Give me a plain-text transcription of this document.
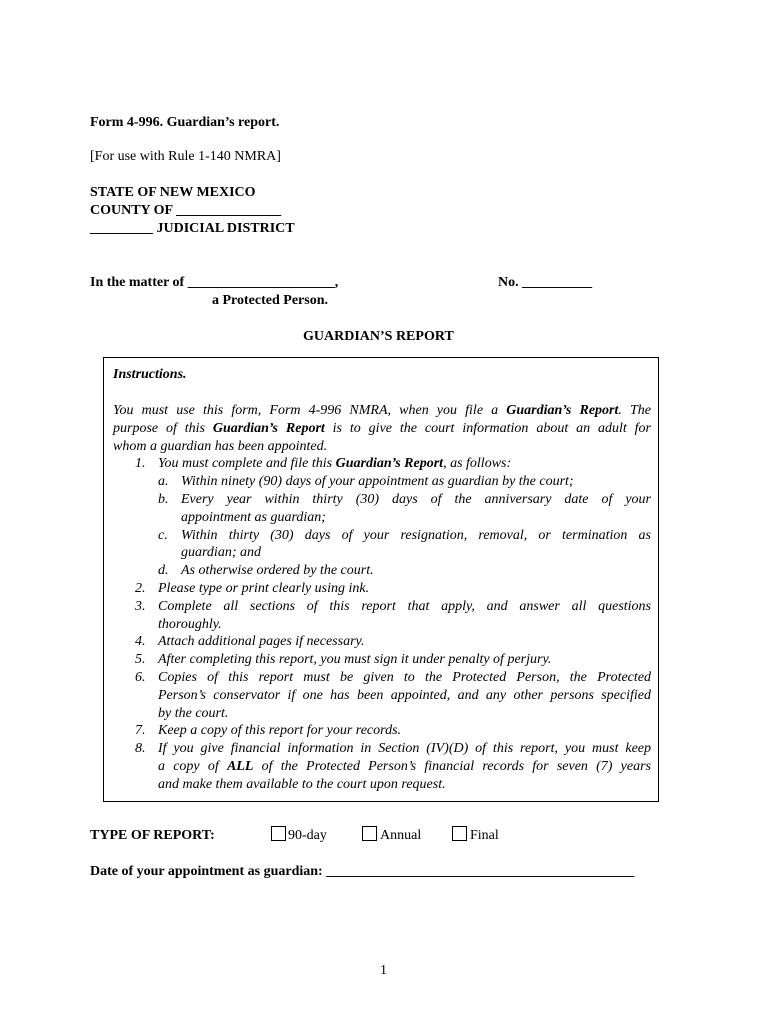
Form 4-996. Guardian’s report.
[For use with Rule 1-140 NMRA]
STATE OF NEW MEXICO
COUNTY OF _______________
_________ JUDICIAL DISTRICT
In the matter of _____________________,
a Protected Person.
No. __________
GUARDIAN’S REPORT
Instructions.
You must use this form, Form 4-996 NMRA, when you file a Guardian’s Report. The
purpose of this Guardian’s Report is to give the court information about an adult for
whom a guardian has been appointed.
1. You must complete and file this Guardian’s Report, as follows:
a. Within ninety (90) days of your appointment as guardian by the court;
b. Every year within thirty (30) days of the anniversary date of your
appointment as guardian;
c. Within thirty (30) days of your resignation, removal, or termination as
guardian; and
d. As otherwise ordered by the court.
2. Please type or print clearly using ink.
3. Complete all sections of this report that apply, and answer all questions
thoroughly.
4. Attach additional pages if necessary.
5. After completing this report, you must sign it under penalty of perjury.
6. Copies of this report must be given to the Protected Person, the Protected
Person’s conservator if one has been appointed, and any other persons specified
by the court.
7. Keep a copy of this report for your records.
8. If you give financial information in Section (IV)(D) of this report, you must keep
a copy of ALL of the Protected Person’s financial records for seven (7) years
and make them available to the court upon request.
TYPE OF REPORT:	90-day	Annual	Final
Date of your appointment as guardian: ____________________________________________
1
